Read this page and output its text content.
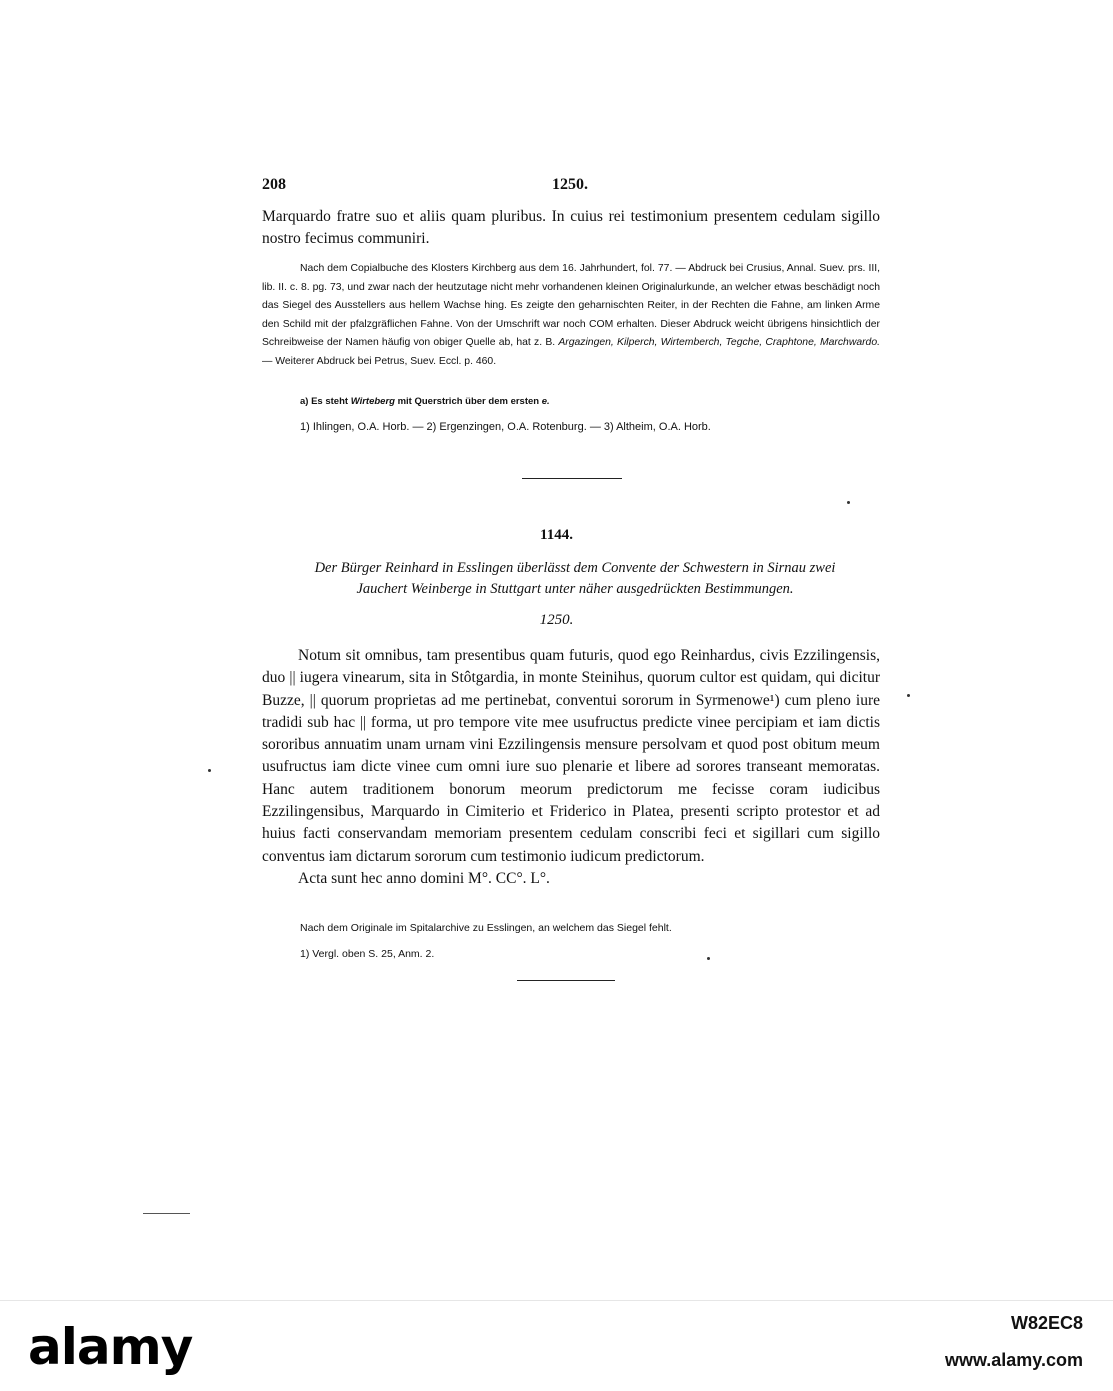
208	1250.

Marquardo fratre suo et aliis quam pluribus. In cuius rei testimonium presentem cedulam sigillo nostro fecimus communiri.

Nach dem Copialbuche des Klosters Kirchberg aus dem 16. Jahrhundert, fol. 77. — Abdruck bei Crusius, Annal. Suev. prs. III, lib. II. c. 8. pg. 73, und zwar nach der heutzutage nicht mehr vorhandenen kleinen Originalurkunde, an welcher etwas beschädigt noch das Siegel des Ausstellers aus hellem Wachse hing. Es zeigte den geharnischten Reiter, in der Rechten die Fahne, am linken Arme den Schild mit der pfalzgräflichen Fahne. Von der Umschrift war noch COM erhalten. Dieser Abdruck weicht übrigens hinsichtlich der Schreibweise der Namen häufig von obiger Quelle ab, hat z. B. Argazingen, Kilperch, Wirtemberch, Tegche, Craphtone, Marchwardo. — Weiterer Abdruck bei Petrus, Suev. Eccl. p. 460.

a) Es steht Wirteberg mit Querstrich über dem ersten e.
1) Ihlingen, O.A. Horb. — 2) Ergenzingen, O.A. Rotenburg. — 3) Altheim, O.A. Horb.
1144.
Der Bürger Reinhard in Esslingen überlässt dem Convente der Schwestern in Sirnau zwei
Jauchert Weinberge in Stuttgart unter näher ausgedrückten Bestimmungen.
1250.

Notum sit omnibus, tam presentibus quam futuris, quod ego Reinhardus, civis Ezzilingensis, duo || iugera vinearum, sita in Stôtgardia, in monte Steinihus, quorum cultor est quidam, qui dicitur Buzze, || quorum proprietas ad me pertinebat, conventui sororum in Syrmenowe¹) cum pleno iure tradidi sub hac || forma, ut pro tempore vite mee usufructus predicte vinee percipiam et iam dictis sororibus annuatim unam urnam vini Ezzilingensis mensure persolvam et quod post obitum meum usufructus iam dicte vinee cum omni iure suo plenarie et libere ad sorores transeant memoratas. Hanc autem traditionem bonorum meorum predictorum me fecisse coram iudicibus Ezzilingensibus, Marquardo in Cimiterio et Friderico in Platea, presenti scripto protestor et ad huius facti conservandam memoriam presentem cedulam conscribi feci et sigillari cum sigillo conventus iam dictarum sororum cum testimonio iudicum predictorum.

Acta sunt hec anno domini M°. CC°. L°.

Nach dem Originale im Spitalarchive zu Esslingen, an welchem das Siegel fehlt.
1) Vergl. oben S. 25, Anm. 2.
alamy	W82EC8
www.alamy.com
